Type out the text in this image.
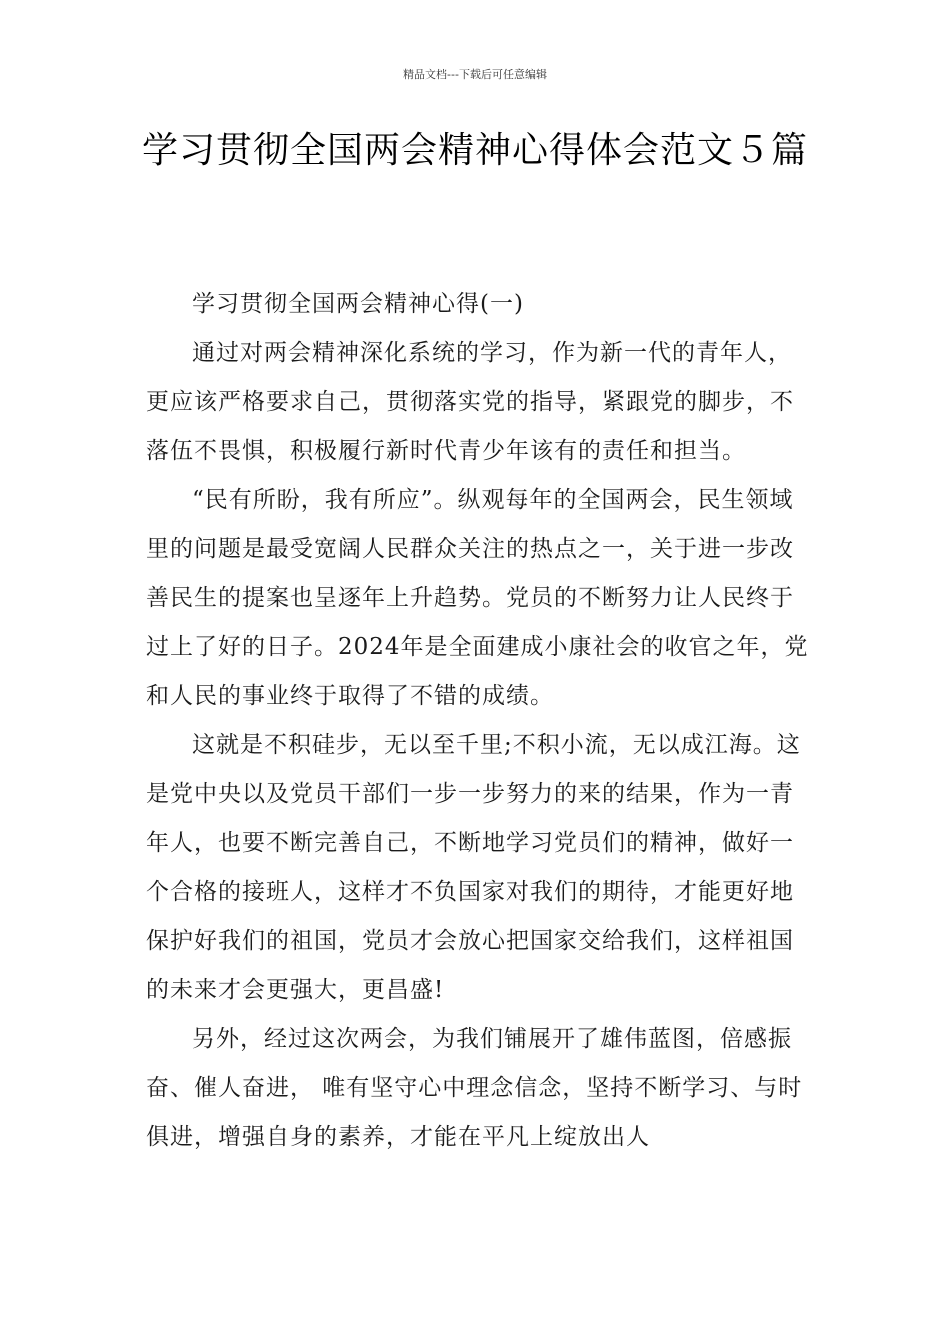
精品文档---下载后可任意编辑
学习贯彻全国两会精神心得体会范文５篇

学习贯彻全国两会精神心得(一)

通过对两会精神深化系统的学习，作为新一代的青年人，更应该严格要求自己，贯彻落实党的指导，紧跟党的脚步，不落伍不畏惧，积极履行新时代青少年该有的责任和担当。

“民有所盼，我有所应”。纵观每年的全国两会，民生领域里的问题是最受宽阔人民群众关注的热点之一，关于进一步改善民生的提案也呈逐年上升趋势。党员的不断努力让人民终于过上了好的日子。2024年是全面建成小康社会的收官之年，党和人民的事业终于取得了不错的成绩。

这就是不积硅步，无以至千里;不积小流，无以成江海。这是党中央以及党员干部们一步一步努力的来的结果，作为一青年人，也要不断完善自己，不断地学习党员们的精神，做好一个合格的接班人，这样才不负国家对我们的期待，才能更好地保护好我们的祖国，党员才会放心把国家交给我们，这样祖国的未来才会更强大，更昌盛!

另外，经过这次两会，为我们铺展开了雄伟蓝图，倍感振奋、催人奋进， 唯有坚守心中理念信念，坚持不断学习、与时俱进，增强自身的素养，才能在平凡上绽放出人
